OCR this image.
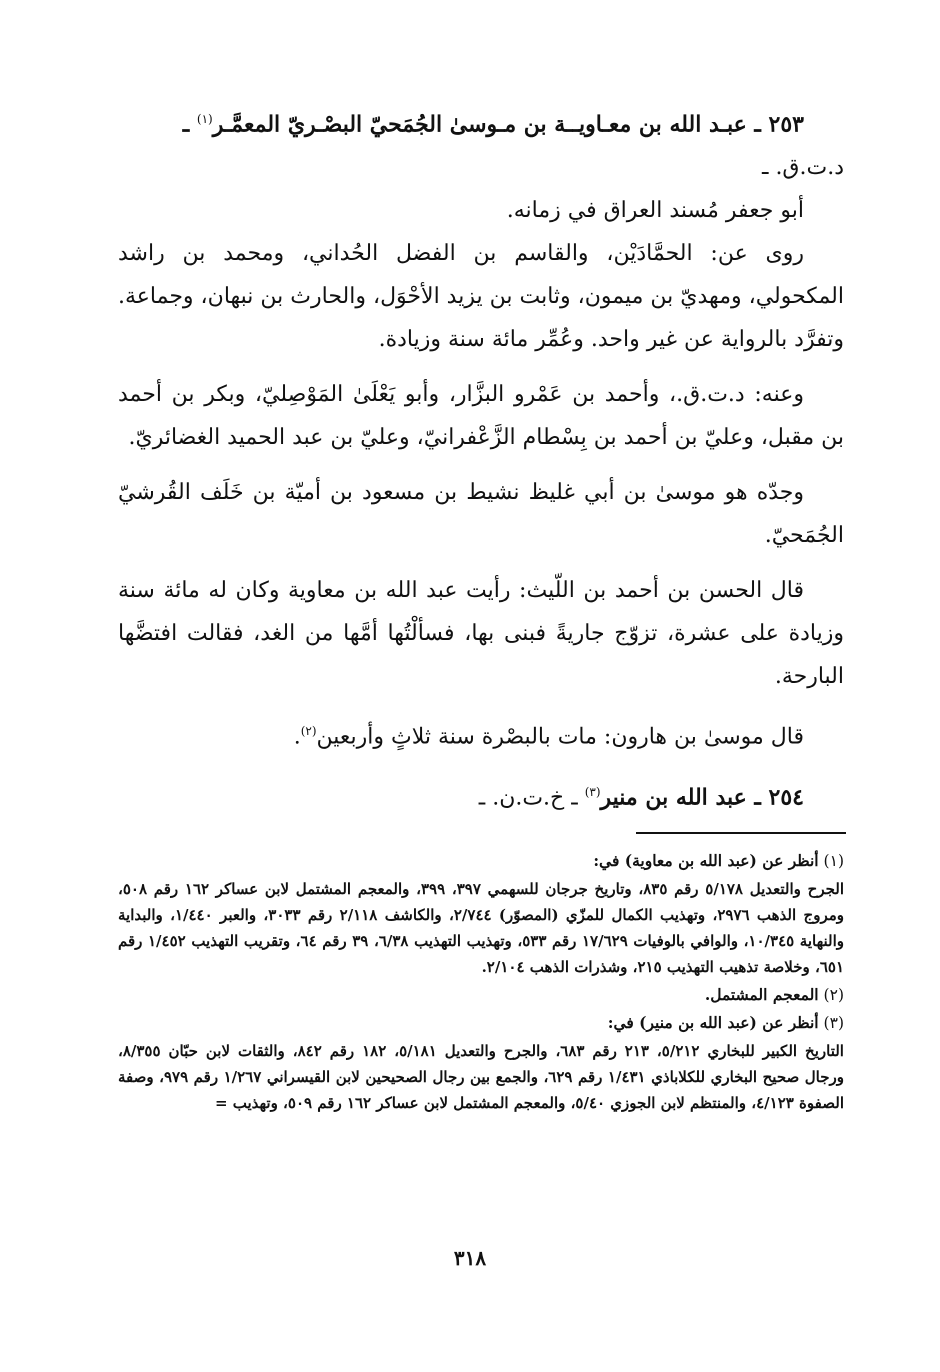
٢٥٣ ـ عبـد الله بن معـاويــة بن مـوسىٰ الجُمَحيّ البصْـريّ المعمَّـر$^{(١)}$ ـ

د.ت.ق. ـ

أبو جعفر مُسند العراق في زمانه.

روى عن: الحمَّادَيْن، والقاسم بن الفضل الحُداني، ومحمد بن راشد المكحولي، ومهديّ بن ميمون، وثابت بن يزيد الأحْوَل، والحارث بن نبهان، وجماعة. وتفرَّد بالرواية عن غير واحد. وعُمِّر مائة سنة وزيادة.

وعنه: د.ت.ق.، وأحمد بن عَمْرو البزَّار، وأبو يَعْلَىٰ المَوْصِليّ، وبكر بن أحمد بن مقبل، وعليّ بن أحمد بن بِسْطام الزَّعْفرانيّ، وعليّ بن عبد الحميد الغضائريّ.

وجدّه هو موسىٰ بن أبي غليظ نشيط بن مسعود بن أميّة بن خَلَف القُرشيّ الجُمَحيّ.

قال الحسن بن أحمد بن اللّيث: رأيت عبد الله بن معاوية وكان له مائة سنة وزيادة على عشرة، تزوّج جاريةً فبنى بها، فسألْتُها أمَّها من الغد، فقالت افتضَّها البارحة.

قال موسىٰ بن هارون: مات بالبصْرة سنة ثلاثٍ وأربعين$^{(٢)}$.

٢٥٤ ـ عبد الله بن منير$^{(٣)}$ ـ خ.ت.ن. ـ

(١) أنظر عن (عبد الله بن معاوية) في:

الجرح والتعديل ٥/١٧٨ رقم ٨٣٥، وتاريخ جرجان للسهمي ٣٩٧، ٣٩٩، والمعجم المشتمل لابن عساكر ١٦٢ رقم ٥٠٨، ومروج الذهب ٢٩٧٦، وتهذيب الكمال للمزّي (المصوّر) ٢/٧٤٤، والكاشف ٢/١١٨ رقم ٣٠٣٣، والعبر ١/٤٤٠، والبداية والنهاية ١٠/٣٤٥، والوافي بالوفيات ١٧/٦٢٩ رقم ٥٣٣، وتهذيب التهذيب ٦/٣٨، ٣٩ رقم ٦٤، وتقريب التهذيب ١/٤٥٢ رقم ٦٥١، وخلاصة تذهيب التهذيب ٢١٥، وشذرات الذهب ٢/١٠٤.

(٢) المعجم المشتمل.

(٣) أنظر عن (عبد الله بن منير) في:

التاريخ الكبير للبخاري ٥/٢١٢، ٢١٣ رقم ٦٨٣، والجرح والتعديل ٥/١٨١، ١٨٢ رقم ٨٤٢، والثقات لابن حبّان ٨/٣٥٥، ورجال صحيح البخاري للكلاباذي ١/٤٣١ رقم ٦٢٩، والجمع بين رجال الصحيحين لابن القيسراني ١/٢٦٧ رقم ٩٧٩، وصفة الصفوة ٤/١٢٣، والمنتظم لابن الجوزي ٥/٤٠، والمعجم المشتمل لابن عساكر ١٦٢ رقم ٥٠٩، وتهذيب =

٣١٨
